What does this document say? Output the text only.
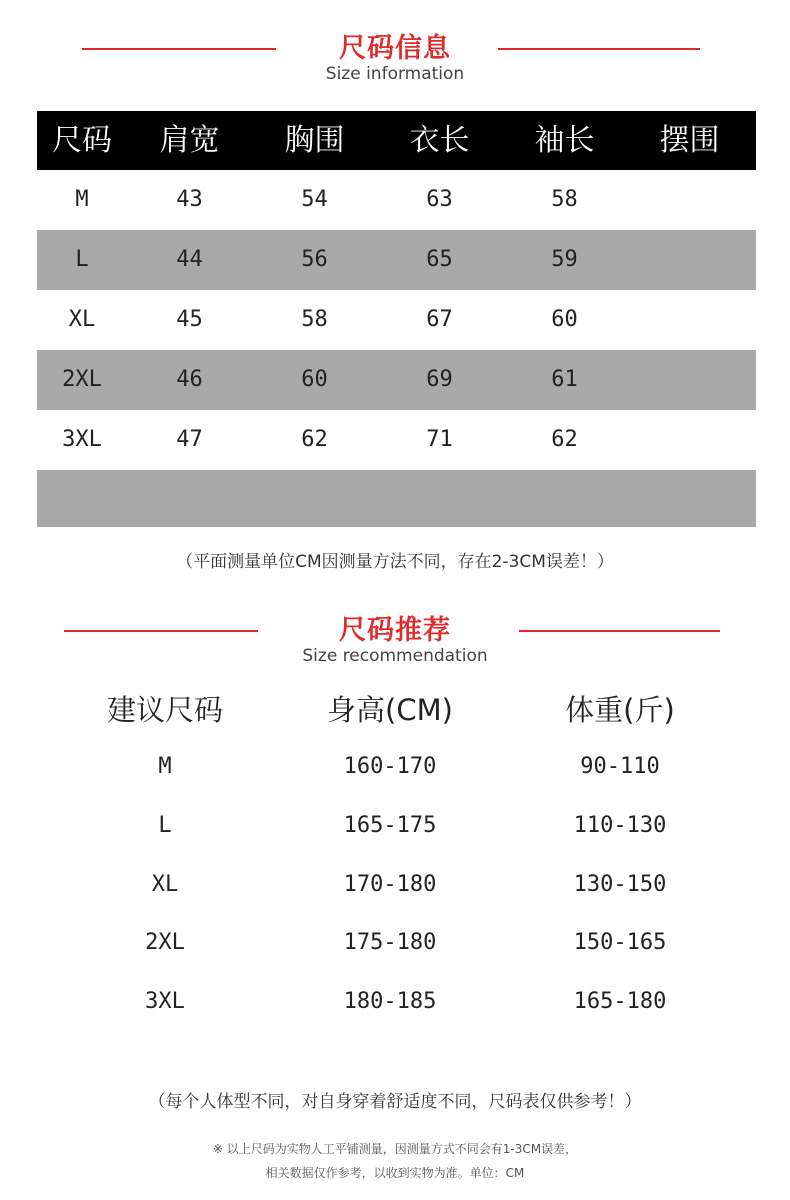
尺码信息
Size information
尺码	肩宽	胸围	衣长	袖长	摆围
M	43	54	63	58
L	44	56	65	59
XL	45	58	67	60
2XL	46	60	69	61
3XL	47	62	71	62
（平面测量单位CM因测量方法不同，存在2-3CM误差！）
尺码推荐
Size recommendation
建议尺码	身高(CM)	体重(斤)
M	160-170	90-110
L	165-175	110-130
XL	170-180	130-150
2XL	175-180	150-165
3XL	180-185	165-180
（每个人体型不同，对自身穿着舒适度不同，尺码表仅供参考！）
※ 以上尺码为实物人工平铺测量，因测量方式不同会有1-3CM误差，
相关数据仅作参考，以收到实物为准。单位：CM
